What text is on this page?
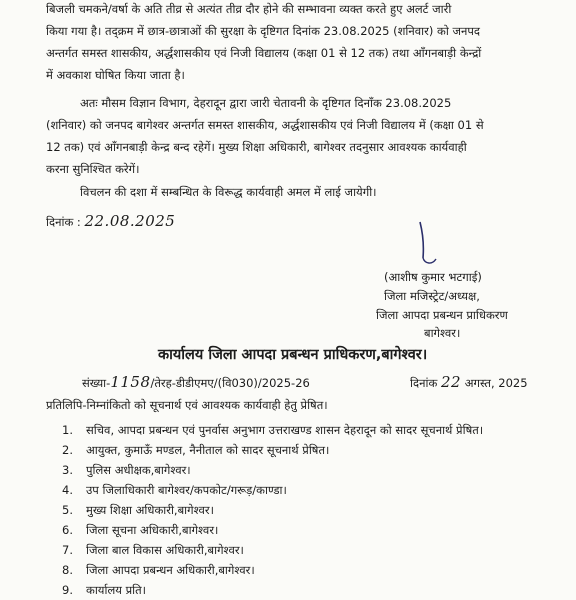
बिजली चमकने/वर्षा के अति तीव्र से अत्यंत तीव्र दौर होने की सम्भावना व्यक्त करते हुए अलर्ट जारी
किया गया है। तद्क्रम में छात्र-छात्राओं की सुरक्षा के दृष्टिगत दिनांक 23.08.2025 (शनिवार) को जनपद
अन्तर्गत समस्त शासकीय, अर्द्धशासकीय एवं निजी विद्यालय (कक्षा 01 से 12 तक) तथा आँगनबाड़ी केन्द्रों
में अवकाश घोषित किया जाता है।
अतः मौसम विज्ञान विभाग, देहरादून द्वारा जारी चेतावनी के दृष्टिगत दिनॉंक 23.08.2025
(शनिवार) को जनपद बागेश्वर अन्तर्गत समस्त शासकीय, अर्द्धशासकीय एवं निजी विद्यालय में (कक्षा 01 से
12 तक) एवं आँगनबाड़ी केन्द्र बन्द रहेगें। मुख्य शिक्षा अधिकारी, बागेश्वर तदनुसार आवश्यक कार्यवाही
करना सुनिश्चित करेगें।
विचलन की दशा में सम्बन्धित के विरूद्ध कार्यवाही अमल में लाई जायेगी।
दिनांक : 22.08.2025
(आशीष कुमार भटगाई)
जिला मजिस्ट्रेट/अध्यक्ष,
जिला आपदा प्रबन्धन प्राधिकरण
बागेश्वर।
कार्यालय जिला आपदा प्रबन्धन प्राधिकरण,बागेश्वर।
संख्या-1158/तेरह-डीडीएमए/(वि030)/2025-26	दिनांक 22 अगस्त, 2025
प्रतिलिपि-निम्नांकितो को सूचनार्थ एवं आवश्यक कार्यवाही हेतु प्रेषित।
1. सचिव, आपदा प्रबन्धन एवं पुनर्वास अनुभाग उत्तराखण्ड शासन देहरादून को सादर सूचनार्थ प्रेषित।
2. आयुक्त, कुमाऊँ मण्डल, नैनीताल को सादर सूचनार्थ प्रेषित।
3. पुलिस अधीक्षक,बागेश्वर।
4. उप जिलाधिकारी बागेश्वर/कपकोट/गरूड़/काण्डा।
5. मुख्य शिक्षा अधिकारी,बागेश्वर।
6. जिला सूचना अधिकारी,बागेश्वर।
7. जिला बाल विकास अधिकारी,बागेश्वर।
8. जिला आपदा प्रबन्धन अधिकारी,बागेश्वर।
9. कार्यालय प्रति।
